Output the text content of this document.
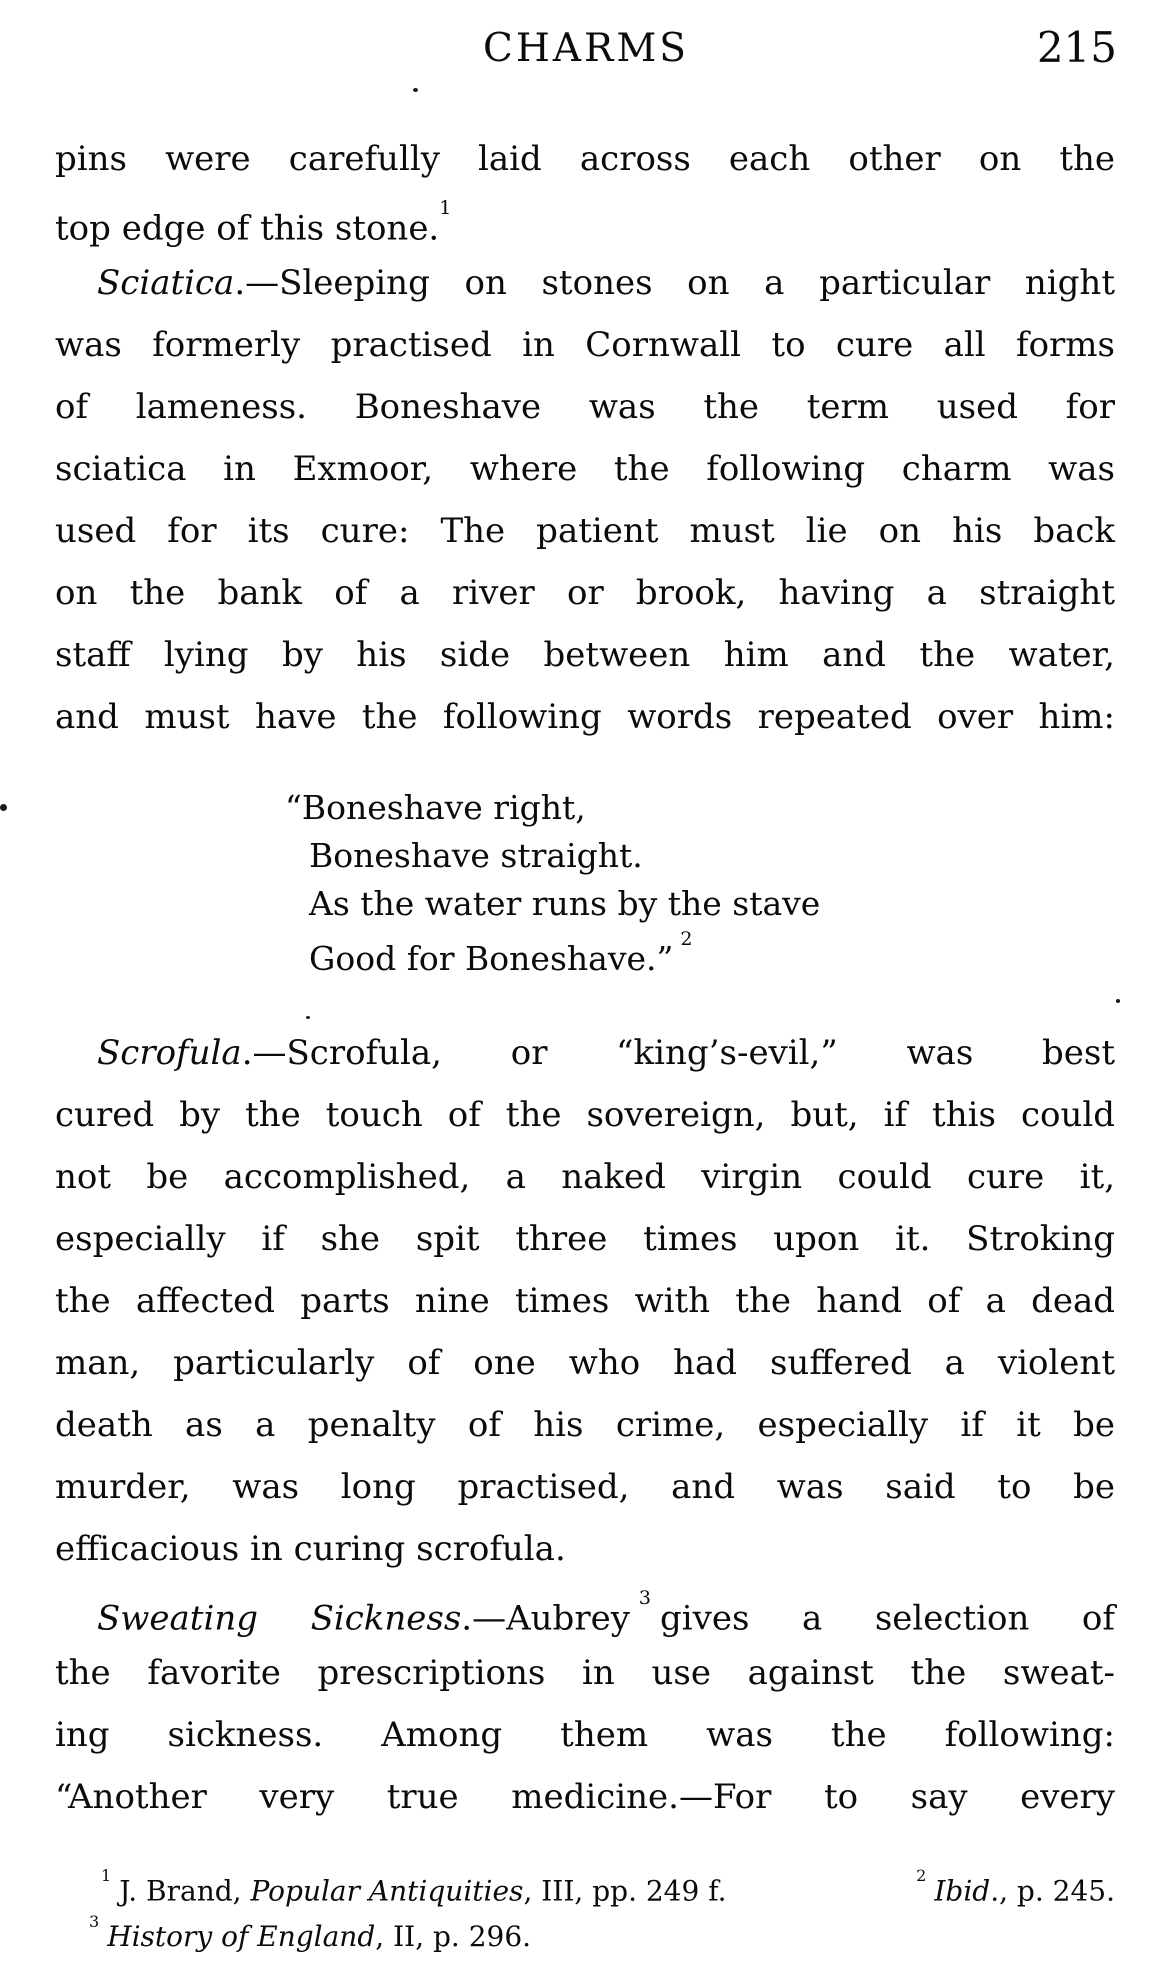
CHARMS	215
pins were carefully laid across each other on the
top edge of this stone.$^1$
Sciatica.—Sleeping on stones on a particular night
was formerly practised in Cornwall to cure all forms
of lameness. Boneshave was the term used for
sciatica in Exmoor, where the following charm was
used for its cure: The patient must lie on his back
on the bank of a river or brook, having a straight
staff lying by his side between him and the water,
and must have the following words repeated over him:
“Boneshave right,
Boneshave straight.
As the water runs by the stave
Good for Boneshave.” $^2$
Scrofula.—Scrofula, or “king’s-evil,” was best
cured by the touch of the sovereign, but, if this could
not be accomplished, a naked virgin could cure it,
especially if she spit three times upon it. Stroking
the affected parts nine times with the hand of a dead
man, particularly of one who had suffered a violent
death as a penalty of his crime, especially if it be
murder, was long practised, and was said to be
efficacious in curing scrofula.
Sweating Sickness.—Aubrey$^3$gives a selection of
the favorite prescriptions in use against the sweat-
ing sickness. Among them was the following:
“Another very true medicine.—For to say every
$^1$ J. Brand, Popular Antiquities, III, pp. 249 f.	$^2$ Ibid., p. 245.
$^3$ History of England, II, p. 296.
